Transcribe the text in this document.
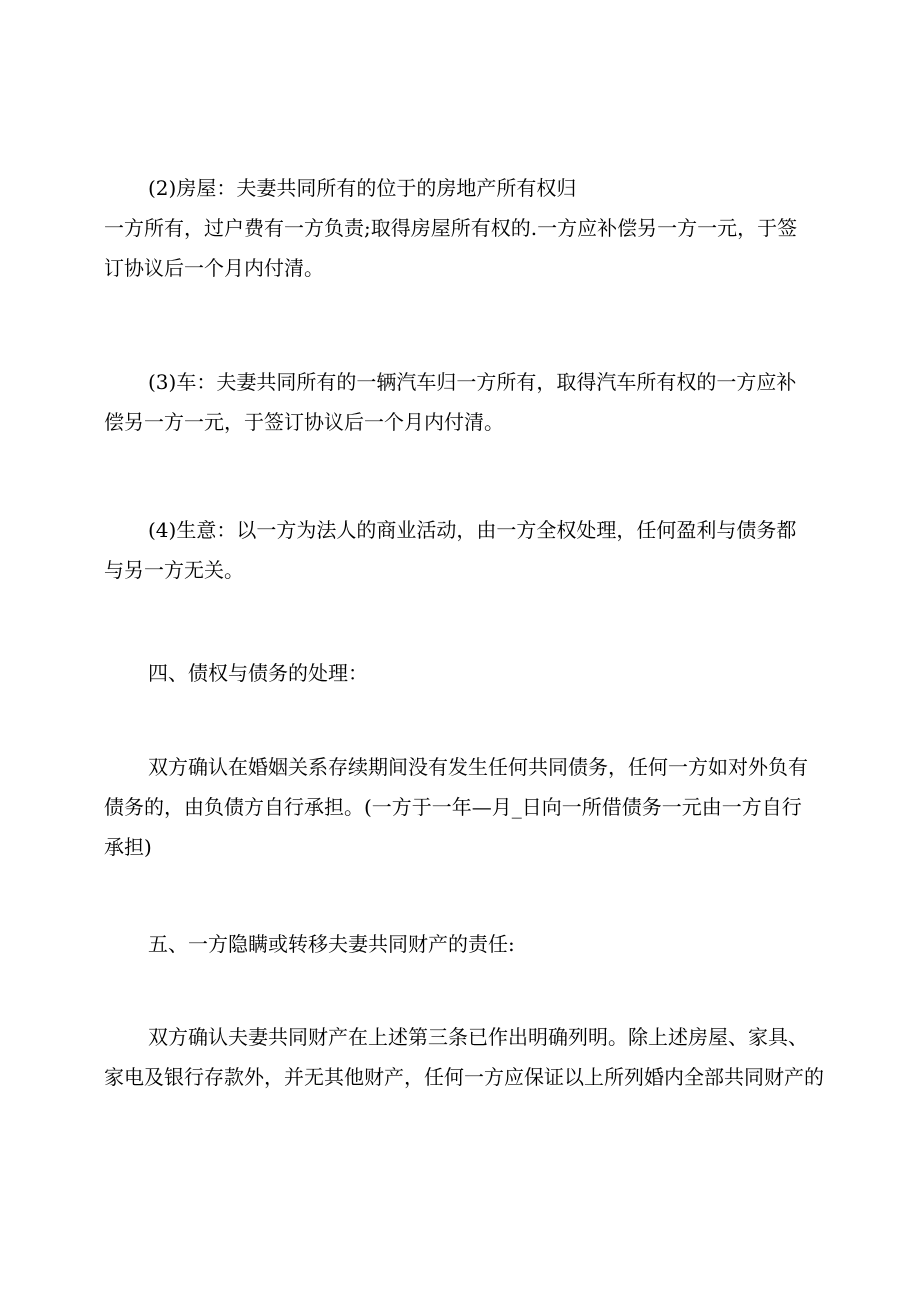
(2)房屋：夫妻共同所有的位于的房地产所有权归
一方所有，过户费有一方负责;取得房屋所有权的.一方应补偿另一方一元，于签
订协议后一个月内付清。

(3)车：夫妻共同所有的一辆汽车归一方所有，取得汽车所有权的一方应补
偿另一方一元，于签订协议后一个月内付清。

(4)生意：以一方为法人的商业活动，由一方全权处理，任何盈利与债务都
与另一方无关。

四、债权与债务的处理：

双方确认在婚姻关系存续期间没有发生任何共同债务，任何一方如对外负有
债务的，由负债方自行承担。(一方于一年—月_日向一所借债务一元由一方自行
承担)

五、一方隐瞒或转移夫妻共同财产的责任:

双方确认夫妻共同财产在上述第三条已作出明确列明。除上述房屋、家具、
家电及银行存款外，并无其他财产，任何一方应保证以上所列婚内全部共同财产的
